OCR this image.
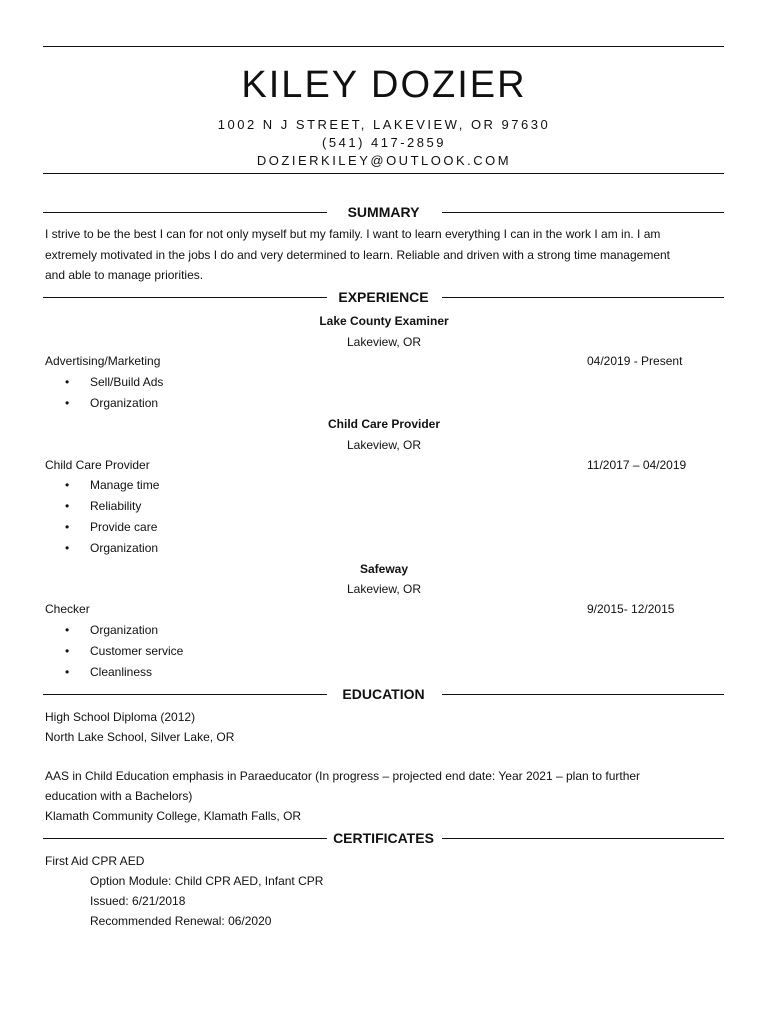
KILEY DOZIER
1002 N J STREET, LAKEVIEW, OR 97630
(541) 417-2859
DOZIERKILEY@OUTLOOK.COM
SUMMARY
I strive to be the best I can for not only myself but my family. I want to learn everything I can in the work I am in. I am
extremely motivated in the jobs I do and very determined to learn. Reliable and driven with a strong time management
and able to manage priorities.
EXPERIENCE
Lake County Examiner
Lakeview, OR
Advertising/Marketing	04/2019 - Present
• Sell/Build Ads
• Organization
Child Care Provider
Lakeview, OR
Child Care Provider	11/2017 – 04/2019
• Manage time
• Reliability
• Provide care
• Organization
Safeway
Lakeview, OR
Checker	9/2015- 12/2015
• Organization
• Customer service
• Cleanliness
EDUCATION
High School Diploma (2012)
North Lake School, Silver Lake, OR
AAS in Child Education emphasis in Paraeducator (In progress – projected end date: Year 2021 – plan to further
education with a Bachelors)
Klamath Community College, Klamath Falls, OR
CERTIFICATES
First Aid CPR AED
Option Module: Child CPR AED, Infant CPR
Issued: 6/21/2018
Recommended Renewal: 06/2020
